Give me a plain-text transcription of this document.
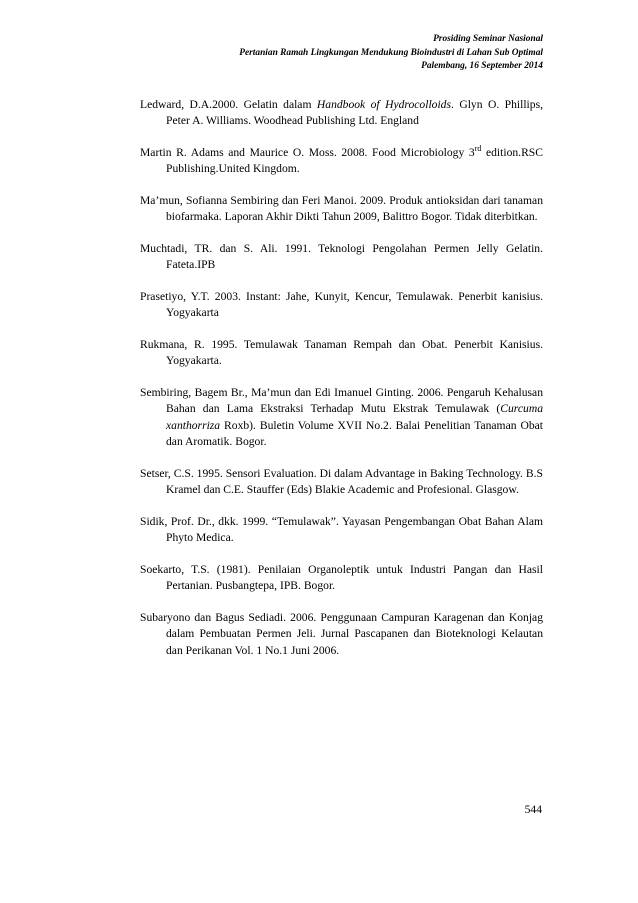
Prosiding Seminar Nasional
Pertanian Ramah Lingkungan Mendukung Bioindustri di Lahan Sub Optimal
Palembang, 16 September 2014

Ledward, D.A.2000. Gelatin dalam Handbook of Hydrocolloids. Glyn O. Phillips, Peter A. Williams. Woodhead Publishing Ltd. England

Martin R. Adams and Maurice O. Moss. 2008. Food Microbiology 3rd edition.RSC Publishing.United Kingdom.

Ma’mun, Sofianna Sembiring dan Feri Manoi. 2009. Produk antioksidan dari tanaman biofarmaka. Laporan Akhir Dikti Tahun 2009, Balittro Bogor. Tidak diterbitkan.

Muchtadi, TR. dan S. Ali. 1991. Teknologi Pengolahan Permen Jelly Gelatin. Fateta.IPB

Prasetiyo, Y.T. 2003. Instant: Jahe, Kunyit, Kencur, Temulawak. Penerbit kanisius. Yogyakarta

Rukmana, R. 1995. Temulawak Tanaman Rempah dan Obat. Penerbit Kanisius. Yogyakarta.

Sembiring, Bagem Br., Ma’mun dan Edi Imanuel Ginting. 2006. Pengaruh Kehalusan Bahan dan Lama Ekstraksi Terhadap Mutu Ekstrak Temulawak (Curcuma xanthorriza Roxb). Buletin Volume XVII No.2. Balai Penelitian Tanaman Obat dan Aromatik. Bogor.

Setser, C.S. 1995. Sensori Evaluation. Di dalam Advantage in Baking Technology. B.S Kramel dan C.E. Stauffer (Eds) Blakie Academic and Profesional. Glasgow.

Sidik, Prof. Dr., dkk. 1999. “Temulawak”. Yayasan Pengembangan Obat Bahan Alam Phyto Medica.

Soekarto, T.S. (1981). Penilaian Organoleptik untuk Industri Pangan dan Hasil Pertanian. Pusbangtepa, IPB. Bogor.

Subaryono dan Bagus Sediadi. 2006. Penggunaan Campuran Karagenan dan Konjag dalam Pembuatan Permen Jeli. Jurnal Pascapanen dan Bioteknologi Kelautan dan Perikanan Vol. 1 No.1 Juni 2006.

544
